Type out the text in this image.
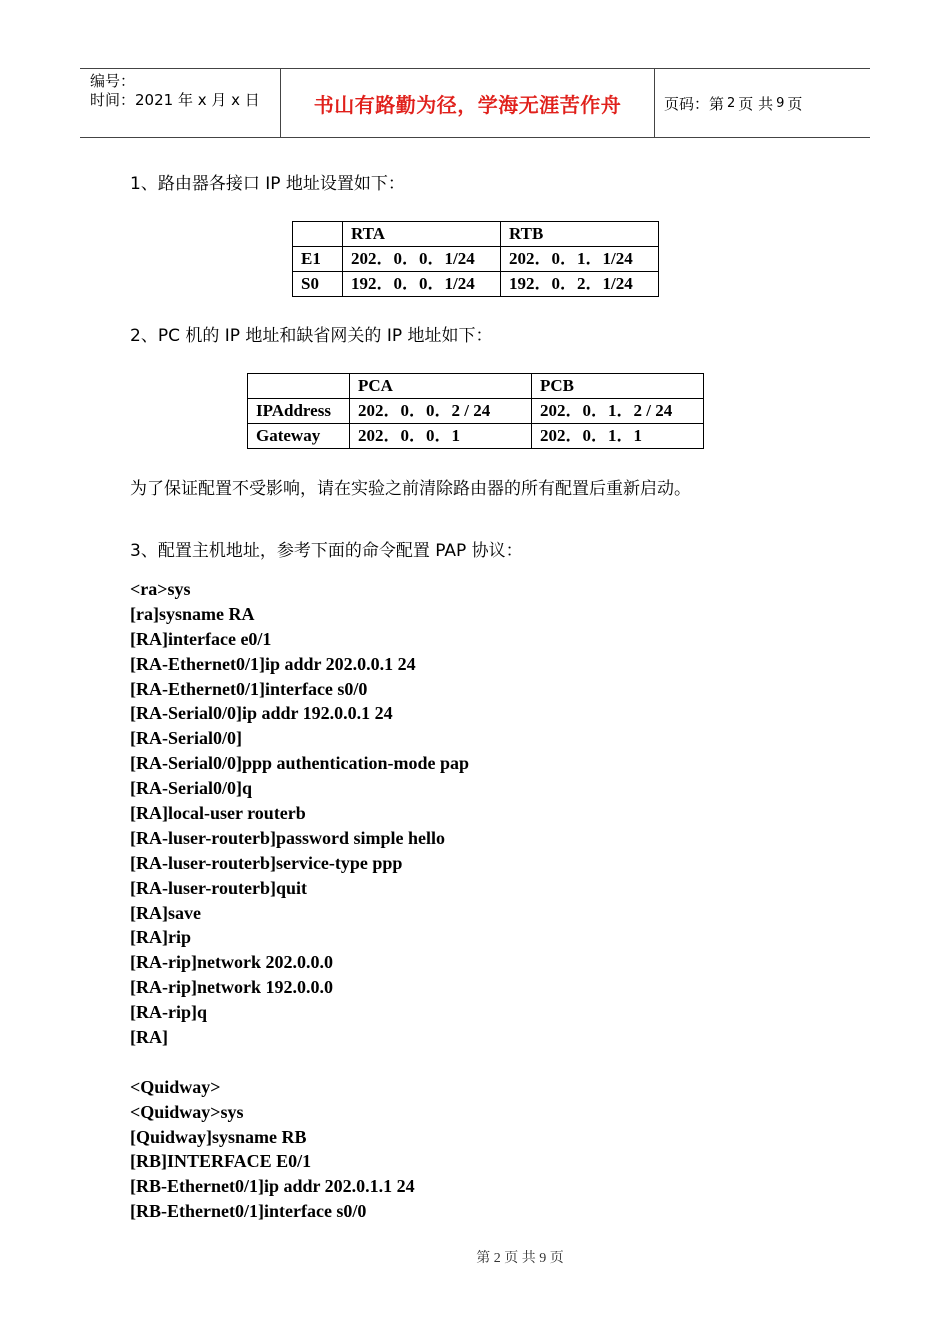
编号：
时间：2021 年 x 月 x 日	书山有路勤为径，学海无涯苦作舟	页码：第 2 页 共 9 页
1、路由器各接口 IP 地址设置如下：
	RTA	RTB
E1	202．0．0．1/24	202．0．1．1/24
S0	192．0．0．1/24	192．0．2．1/24
2、PC 机的 IP 地址和缺省网关的 IP 地址如下：
	PCA	PCB
IPAddress	202．0．0．2 / 24	202．0．1．2 / 24
Gateway	202．0．0．1	202．0．1．1
为了保证配置不受影响，请在实验之前清除路由器的所有配置后重新启动。
3、配置主机地址，参考下面的命令配置 PAP 协议：
<ra>sys
[ra]sysname RA
[RA]interface e0/1
[RA-Ethernet0/1]ip addr 202.0.0.1 24
[RA-Ethernet0/1]interface s0/0
[RA-Serial0/0]ip addr 192.0.0.1 24
[RA-Serial0/0]
[RA-Serial0/0]ppp authentication-mode pap
[RA-Serial0/0]q
[RA]local-user routerb
[RA-luser-routerb]password simple hello
[RA-luser-routerb]service-type ppp
[RA-luser-routerb]quit
[RA]save
[RA]rip
[RA-rip]network 202.0.0.0
[RA-rip]network 192.0.0.0
[RA-rip]q
[RA]
<Quidway>
<Quidway>sys
[Quidway]sysname RB
[RB]INTERFACE E0/1
[RB-Ethernet0/1]ip addr 202.0.1.1 24
[RB-Ethernet0/1]interface s0/0
第 2 页 共 9 页
